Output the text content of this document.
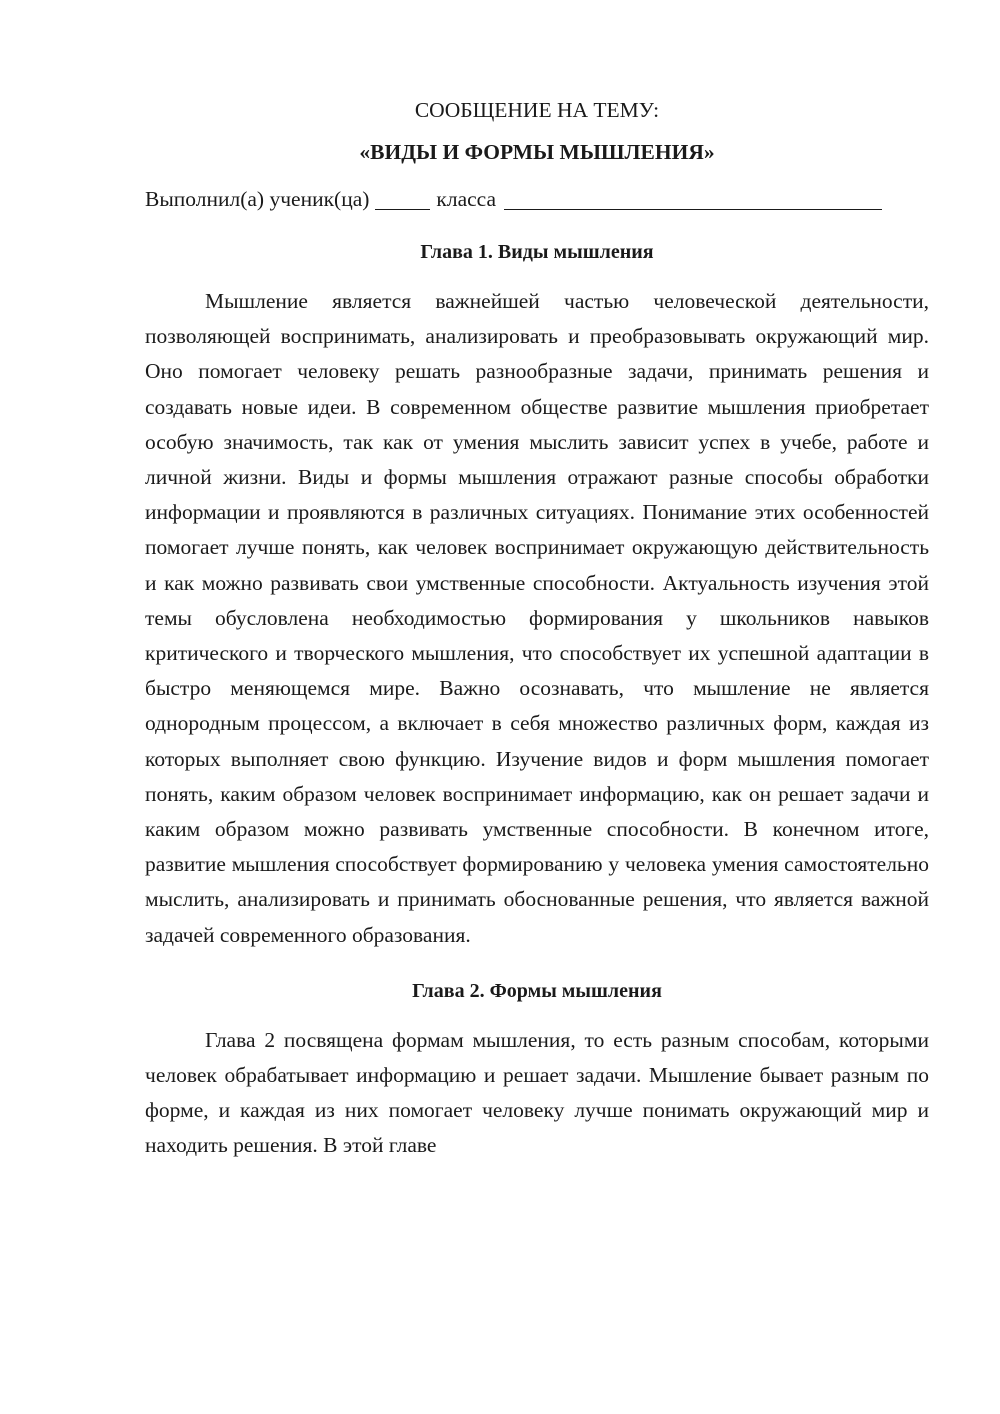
СООБЩЕНИЕ НА ТЕМУ:

«ВИДЫ И ФОРМЫ МЫШЛЕНИЯ»

Выполнил(а) ученик(ца)	класса

Глава 1. Виды мышления

Мышление является важнейшей частью человеческой деятельности, позволяющей воспринимать, анализировать и преобразовывать окружающий мир. Оно помогает человеку решать разнообразные задачи, принимать решения и создавать новые идеи. В современном обществе развитие мышления приобретает особую значимость, так как от умения мыслить зависит успех в учебе, работе и личной жизни. Виды и формы мышления отражают разные способы обработки информации и проявляются в различных ситуациях. Понимание этих особенностей помогает лучше понять, как человек воспринимает окружающую действительность и как можно развивать свои умственные способности. Актуальность изучения этой темы обусловлена необходимостью формирования у школьников навыков критического и творческого мышления, что способствует их успешной адаптации в быстро меняющемся мире. Важно осознавать, что мышление не является однородным процессом, а включает в себя множество различных форм, каждая из которых выполняет свою функцию. Изучение видов и форм мышления помогает понять, каким образом человек воспринимает информацию, как он решает задачи и каким образом можно развивать умственные способности. В конечном итоге, развитие мышления способствует формированию у человека умения самостоятельно мыслить, анализировать и принимать обоснованные решения, что является важной задачей современного образования.

Глава 2. Формы мышления

Глава 2 посвящена формам мышления, то есть разным способам, которыми человек обрабатывает информацию и решает задачи. Мышление бывает разным по форме, и каждая из них помогает человеку лучше понимать окружающий мир и находить решения. В этой главе
